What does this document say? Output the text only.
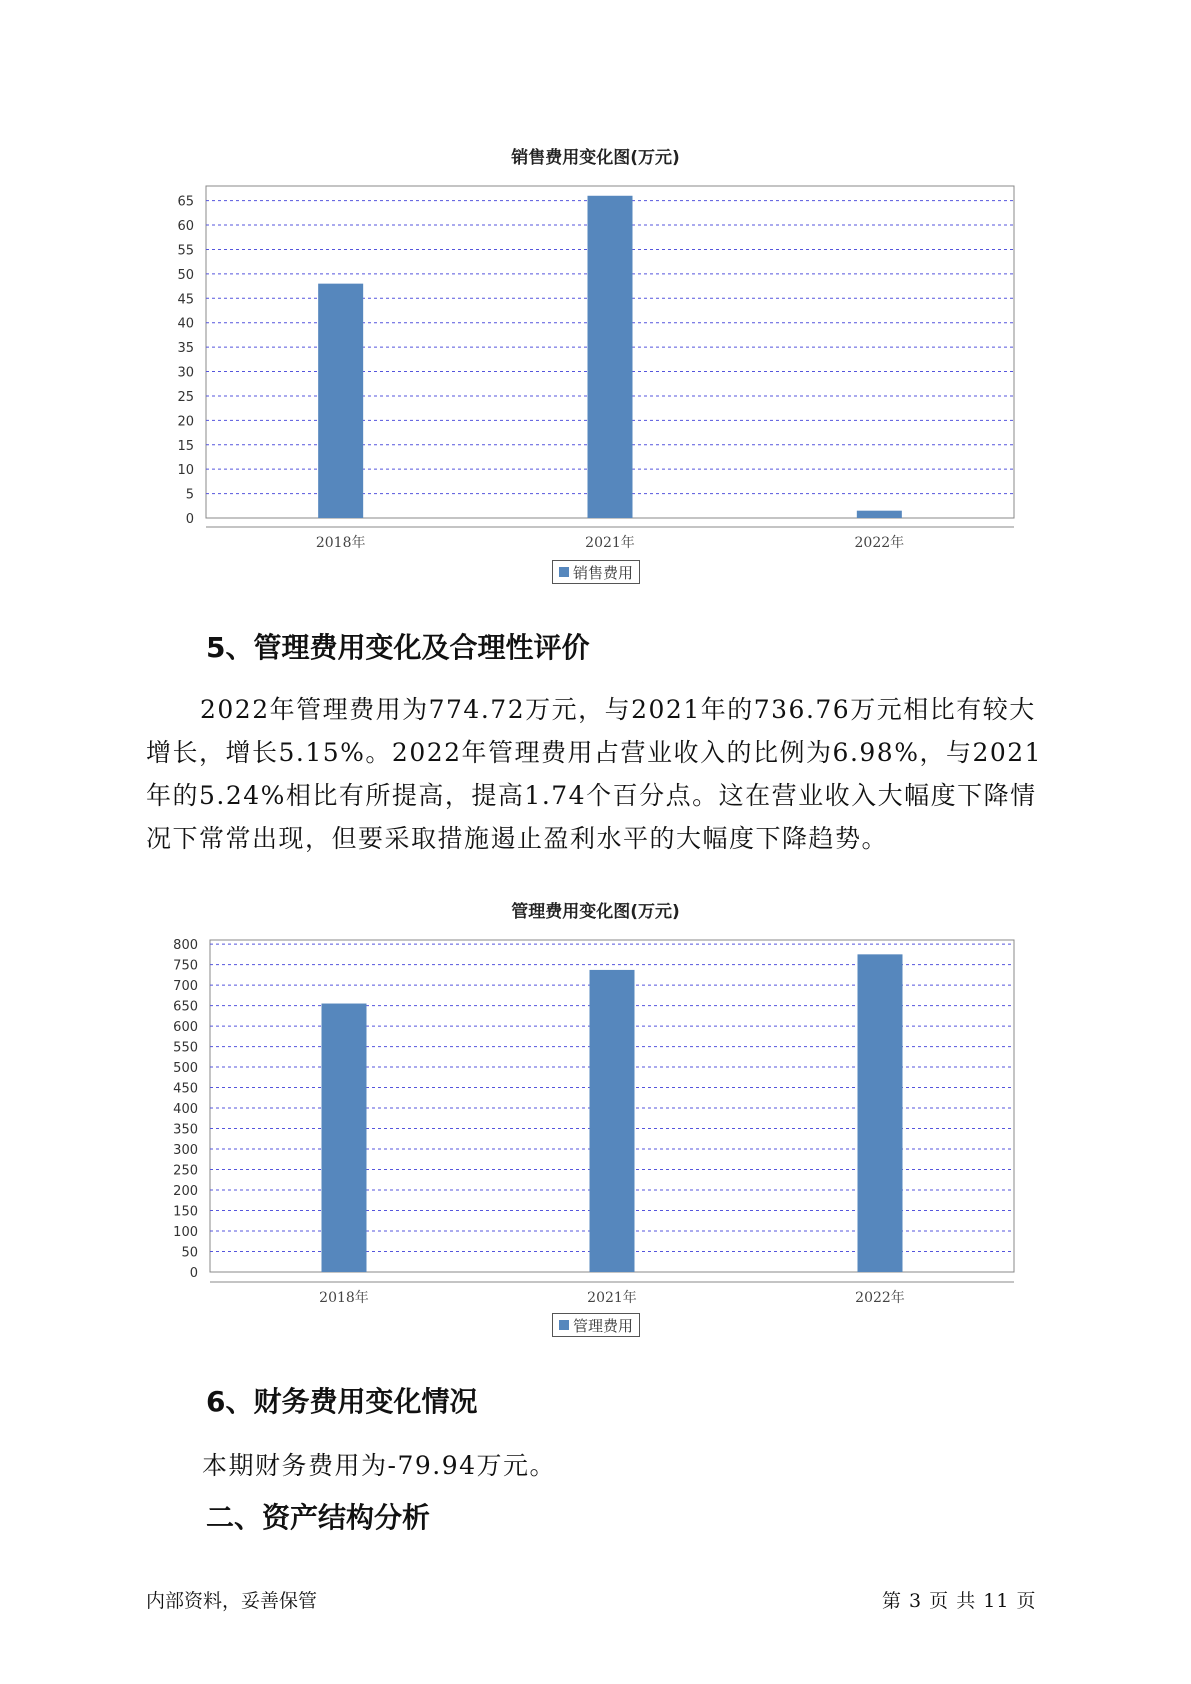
销售费用变化图(万元)
0
5
10
15
20
25
30
35
40
45
50
55
60
65
2018年	2021年	2022年
销售费用
5、管理费用变化及合理性评价

2022年管理费用为774.72万元，与2021年的736.76万元相比有较大增长，增长5.15%。2022年管理费用占营业收入的比例为6.98%，与2021年的5.24%相比有所提高，提高1.74个百分点。这在营业收入大幅度下降情况下常常出现，但要采取措施遏止盈利水平的大幅度下降趋势。

管理费用变化图(万元)
0
50
100
150
200
250
300
350
400
450
500
550
600
650
700
750
800
2018年	2021年	2022年
管理费用
6、财务费用变化情况

本期财务费用为-79.94万元。

二、资产结构分析
内部资料，妥善保管	第 3 页 共 11 页
